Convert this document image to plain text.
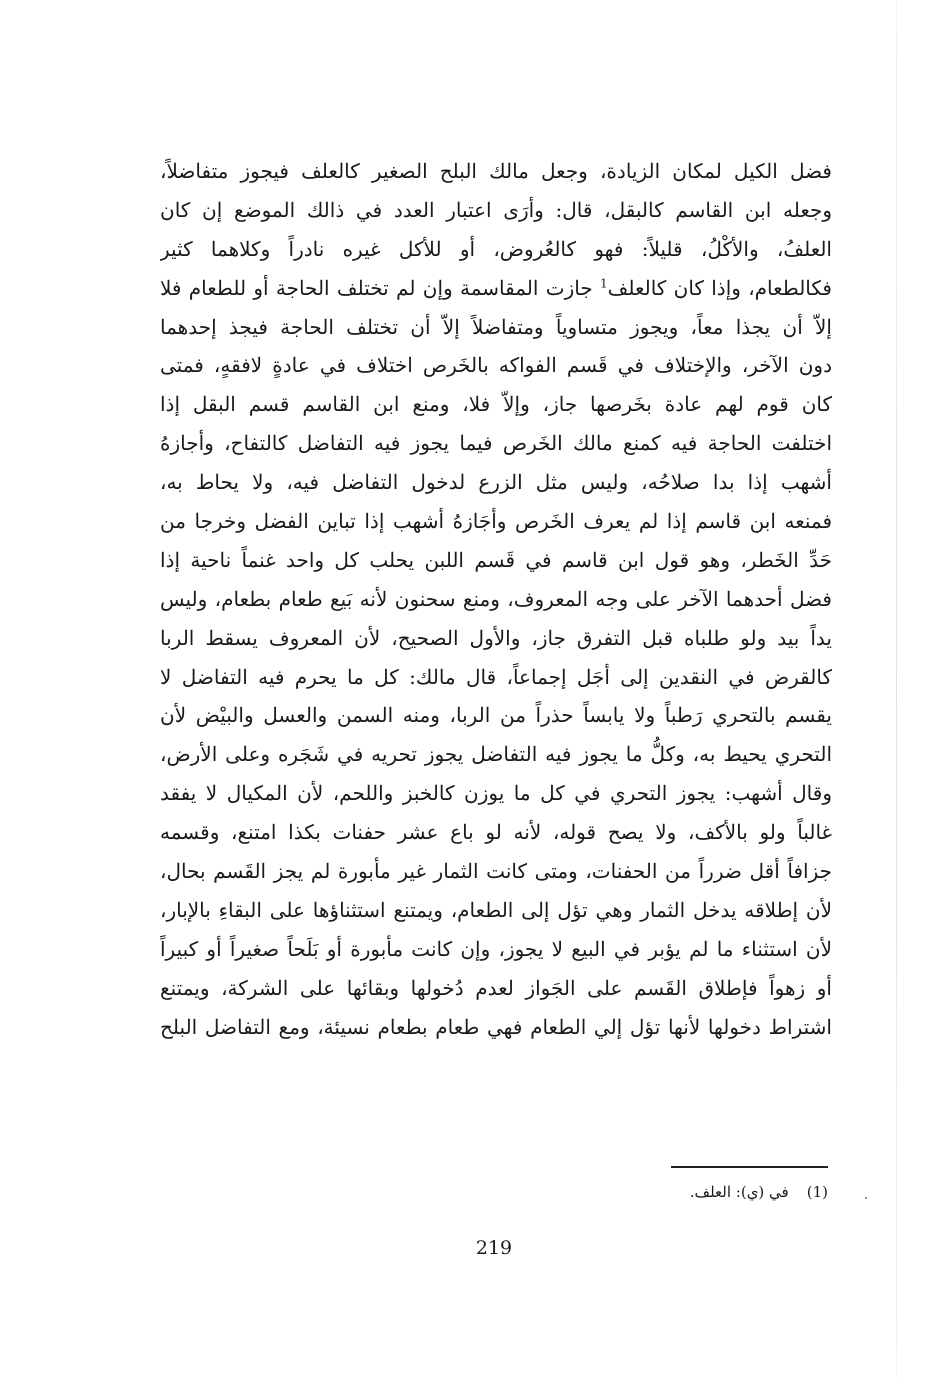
فضل الكيل لمكان الزيادة، وجعل مالك البلح الصغير كالعلف فيجوز متفاضلاً،
وجعله ابن القاسم كالبقل، قال: وأرَى اعتبار العدد في ذالك الموضع إن كان
العلفُ، والأكْلُ، قليلاً: فهو كالعُروض، أو للأكل غيره نادراً وكلاهما كثير
فكالطعام، وإذا كان كالعلف$^1$ جازت المقاسمة وإن لم تختلف الحاجة أو للطعام فلا
إلاّ أن يجذا معاً، ويجوز متساوياً ومتفاضلاً إلاّ أن تختلف الحاجة فيجذ إحدهما
دون الآخر، والإختلاف في قَسم الفواكه بالخَرص اختلاف في عادةٍ لافقهٍ، فمتى
كان قوم لهم عادة بخَرصها جاز، وإلاّ فلا، ومنع ابن القاسم قسم البقل إذا
اختلفت الحاجة فيه كمنع مالك الخَرص فيما يجوز فيه التفاضل كالتفاح، وأجازهُ
أشهب إذا بدا صلاحُه، وليس مثل الزرع لدخول التفاضل فيه، ولا يحاط به،
فمنعه ابن قاسم إذا لم يعرف الخَرص وأجَازهُ أشهب إذا تباين الفضل وخرجا من
حَدِّ الخَطر، وهو قول ابن قاسم في قَسم اللبن يحلب كل واحد غنماً ناحية إذا
فضل أحدهما الآخر على وجه المعروف، ومنع سحنون لأنه بَيع طعام بطعام، وليس
يداً بيد ولو طلباه قبل التفرق جاز، والأول الصحيح، لأن المعروف يسقط الربا
كالقرض في النقدين إلى أجَل إجماعاً، قال مالك: كل ما يحرم فيه التفاضل لا
يقسم بالتحري رَطباً ولا يابساً حذراً من الربا، ومنه السمن والعسل والبيْض لأن
التحري يحيط به، وكلُّ ما يجوز فيه التفاضل يجوز تحريه في شَجَره وعلى الأرض،
وقال أشهب: يجوز التحري في كل ما يوزن كالخبز واللحم، لأن المكيال لا يفقد
غالباً ولو بالأكف، ولا يصح قوله، لأنه لو باع عشر حفنات بكذا امتنع، وقسمه
جزافاً أقل ضرراً من الحفنات، ومتى كانت الثمار غير مأبورة لم يجز القَسم بحال،
لأن إطلاقه يدخل الثمار وهي تؤل إلى الطعام، ويمتنع استثناؤها على البقاءِ بالإبار،
لأن استثناء ما لم يؤبر في البيع لا يجوز، وإن كانت مأبورة أو بَلَحاً صغيراً أو كبيراً
أو زهواً فإطلاق القَسم على الجَواز لعدم دُخولها وبقائها على الشركة، ويمتنع
اشتراط دخولها لأنها تؤل إلي الطعام فهي طعام بطعام نسيئة، ومع التفاضل البلح
(1)في (ي): العلف.
219
